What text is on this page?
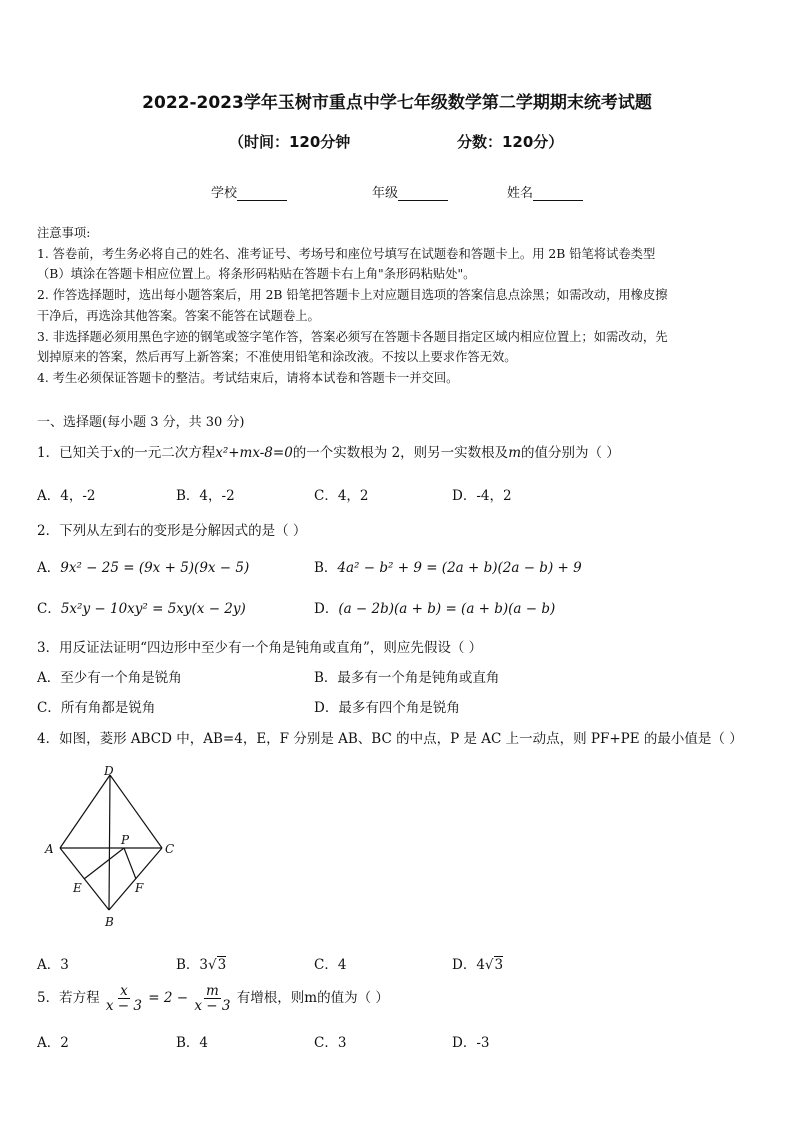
2022-2023学年玉树市重点中学七年级数学第二学期期末统考试题
（时间：120分钟	分数：120分）
学校	年级	姓名
注意事项:
1. 答卷前，考生务必将自己的姓名、准考证号、考场号和座位号填写在试题卷和答题卡上。用 2B 铅笔将试卷类型
（B）填涂在答题卡相应位置上。将条形码粘贴在答题卡右上角"条形码粘贴处"。
2. 作答选择题时，选出每小题答案后，用 2B 铅笔把答题卡上对应题目选项的答案信息点涂黑；如需改动，用橡皮擦
干净后，再选涂其他答案。答案不能答在试题卷上。
3. 非选择题必须用黑色字迹的钢笔或签字笔作答，答案必须写在答题卡各题目指定区域内相应位置上；如需改动，先
划掉原来的答案，然后再写上新答案；不准使用铅笔和涂改液。不按以上要求作答无效。
4. 考生必须保证答题卡的整洁。考试结束后，请将本试卷和答题卡一并交回。
一、选择题(每小题 3 分，共 30 分)
1．已知关于x的一元二次方程x²+mx-8=0的一个实数根为 2，则另一实数根及m的值分别为（ ）
A．4，-2	B．4，-2	C．4，2	D．-4，2
2．下列从左到右的变形是分解因式的是（ ）
A．9x² − 25 = (9x + 5)(9x − 5)	B．4a² − b² + 9 = (2a + b)(2a − b) + 9
C．5x²y − 10xy² = 5xy(x − 2y)	D．(a − 2b)(a + b) = (a + b)(a − b)
3．用反证法证明“四边形中至少有一个角是钝角或直角”，则应先假设（ ）
A．至少有一个角是锐角	B．最多有一个角是钝角或直角
C．所有角都是锐角	D．最多有四个角是锐角
4．如图，菱形 ABCD 中，AB=4，E，F 分别是 AB、BC 的中点，P 是 AC 上一动点，则 PF+PE 的最小值是（ ）
D
A	C
P
E	F
B
A．3	B．3√3	C．4	D．4√3
5．若方程 $\frac{x}{x - 3} = 2 - \frac{m}{x - 3}$ 有增根，则m的值为（ ）
A．2	B．4	C．3	D．-3
